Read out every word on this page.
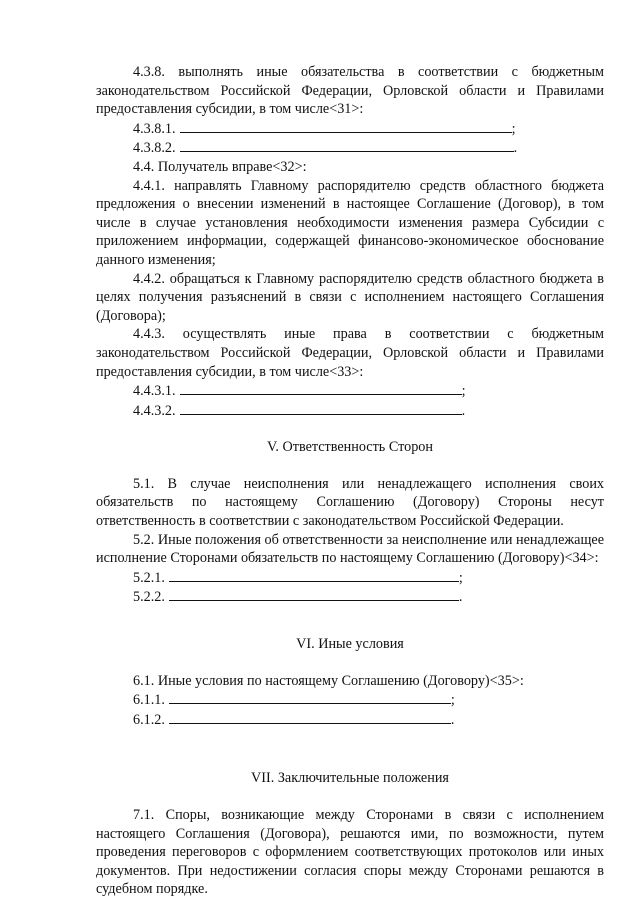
4.3.8. выполнять иные обязательства в соответствии с бюджетным законодательством Российской Федерации, Орловской области и Правилами предоставления субсидии, в том числе<31>:

4.3.8.1.	;

4.3.8.2.	.

4.4. Получатель вправе<32>:

4.4.1. направлять Главному распорядителю средств областного бюджета предложения о внесении изменений в настоящее Соглашение (Договор), в том числе в случае установления необходимости изменения размера Субсидии с приложением информации, содержащей финансово-экономическое обоснование данного изменения;

4.4.2. обращаться к Главному распорядителю средств областного бюджета в целях получения разъяснений в связи с исполнением настоящего Соглашения (Договора);

4.4.3. осуществлять иные права в соответствии с бюджетным законодательством Российской Федерации, Орловской области и Правилами предоставления субсидии, в том числе<33>:

4.4.3.1.	;

4.4.3.2.	.

V. Ответственность Сторон

5.1. В случае неисполнения или ненадлежащего исполнения своих обязательств по настоящему Соглашению (Договору) Стороны несут ответственность в соответствии с законодательством Российской Федерации.

5.2. Иные положения об ответственности за неисполнение или ненадлежащее исполнение Сторонами обязательств по настоящему Соглашению (Договору)<34>:

5.2.1.	;

5.2.2.	.

VI. Иные условия

6.1. Иные условия по настоящему Соглашению (Договору)<35>:

6.1.1.	;

6.1.2.	.

VII. Заключительные положения

7.1. Споры, возникающие между Сторонами в связи с исполнением настоящего Соглашения (Договора), решаются ими, по возможности, путем проведения переговоров с оформлением соответствующих протоколов или иных документов. При недостижении согласия споры между Сторонами решаются в судебном порядке.
